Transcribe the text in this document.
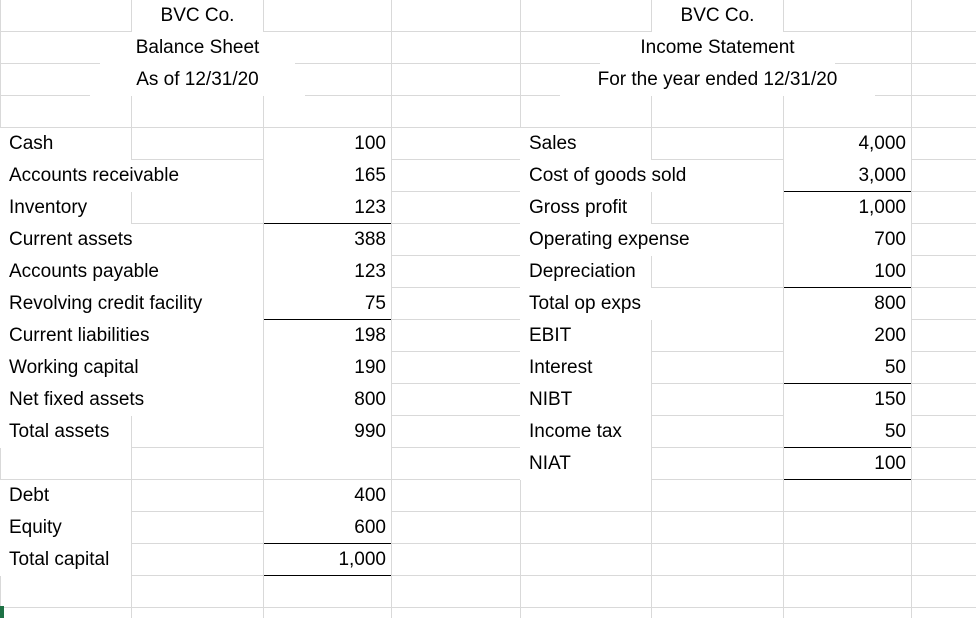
BVC Co.
Balance Sheet
As of 12/31/20
BVC Co.
Income Statement
For the year ended 12/31/20
Cash	100
Accounts receivable	165
Inventory	123
Current assets	388
Accounts payable	123
Revolving credit facility	75
Current liabilities	198
Working capital	190
Net fixed assets	800
Total assets	990
Debt	400
Equity	600
Total capital	1,000
Sales	4,000
Cost of goods sold	3,000
Gross profit	1,000
Operating expense	700
Depreciation	100
Total op exps	800
EBIT	200
Interest	50
NIBT	150
Income tax	50
NIAT	100
